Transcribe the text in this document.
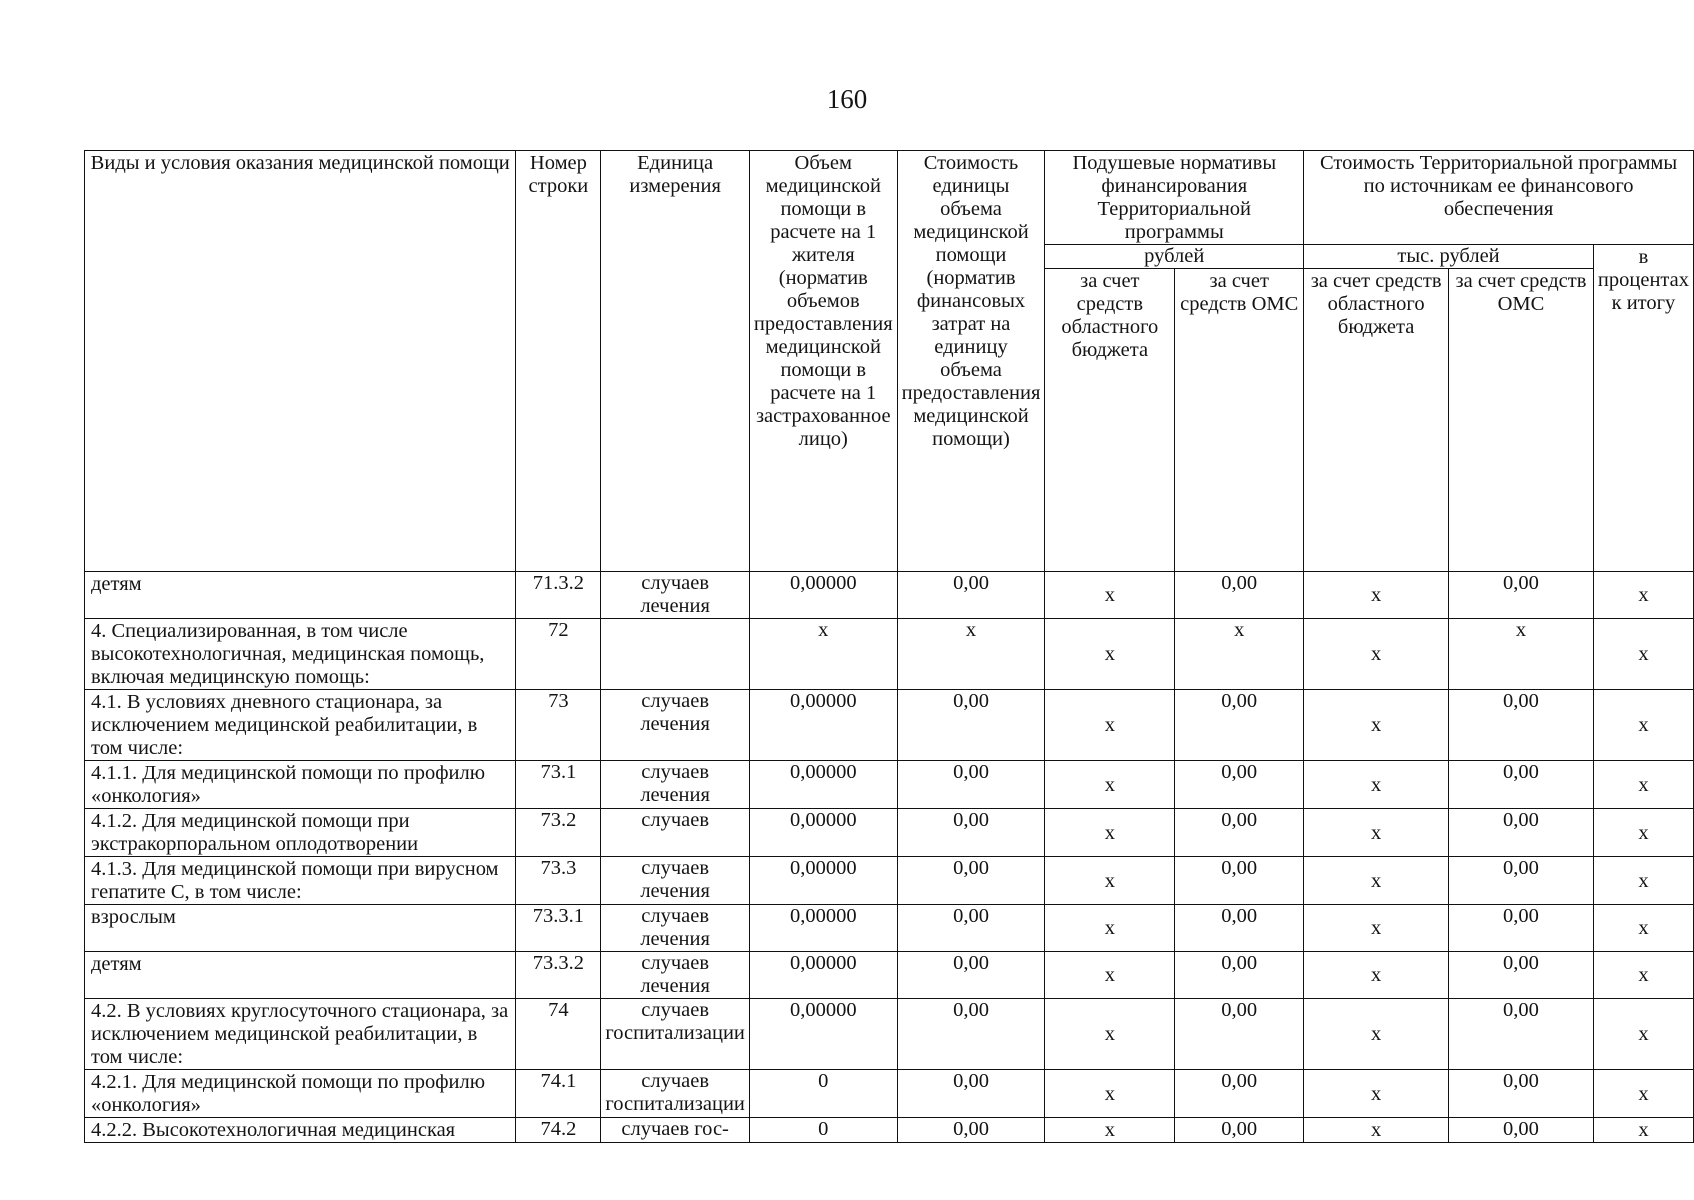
160
Виды и условия оказания медицинской помощи	Номер строки	Единица измерения	Объем медицинской помощи в расчете на 1 жителя (норматив объемов предоставления медицинской помощи в расчете на 1 застрахованное лицо)	Стоимость единицы объема медицинской помощи (норматив финансовых затрат на единицу объема предоставления медицинской помощи)	Подушевые нормативы финансирования Территориальной программы		Стоимость Территориальной программы по источникам ее финансового обеспечения		
					рублей		тыс. рублей		в процентах к итогу
					за счет средств областного бюджета	за счет средств ОМС	за счет средств областного бюджета	за счет средств ОМС	
детям	71.3.2	случаев лечения	0,00000	0,00	х	0,00	х	0,00	х
4. Специализированная, в том числе высокотехнологичная, медицинская помощь, включая медицинскую помощь:	72		х	х	х	х	х	х	х
4.1. В условиях дневного стационара, за исключением медицинской реабилитации, в том числе:	73	случаев лечения	0,00000	0,00	х	0,00	х	0,00	х
4.1.1. Для медицинской помощи по профилю «онкология»	73.1	случаев лечения	0,00000	0,00	х	0,00	х	0,00	х
4.1.2. Для медицинской помощи при экстракорпоральном оплодотворении	73.2	случаев	0,00000	0,00	х	0,00	х	0,00	х
4.1.3. Для медицинской помощи при вирусном гепатите С, в том числе:	73.3	случаев лечения	0,00000	0,00	х	0,00	х	0,00	х
взрослым	73.3.1	случаев лечения	0,00000	0,00	х	0,00	х	0,00	х
детям	73.3.2	случаев лечения	0,00000	0,00	х	0,00	х	0,00	х
4.2. В условиях круглосуточного стационара, за исключением медицинской реабилитации, в том числе:	74	случаев госпитализации	0,00000	0,00	х	0,00	х	0,00	х
4.2.1. Для медицинской помощи по профилю «онкология»	74.1	случаев госпитализации	0	0,00	х	0,00	х	0,00	х
4.2.2. Высокотехнологичная медицинская	74.2	случаев гос-	0	0,00	х	0,00	х	0,00	х
